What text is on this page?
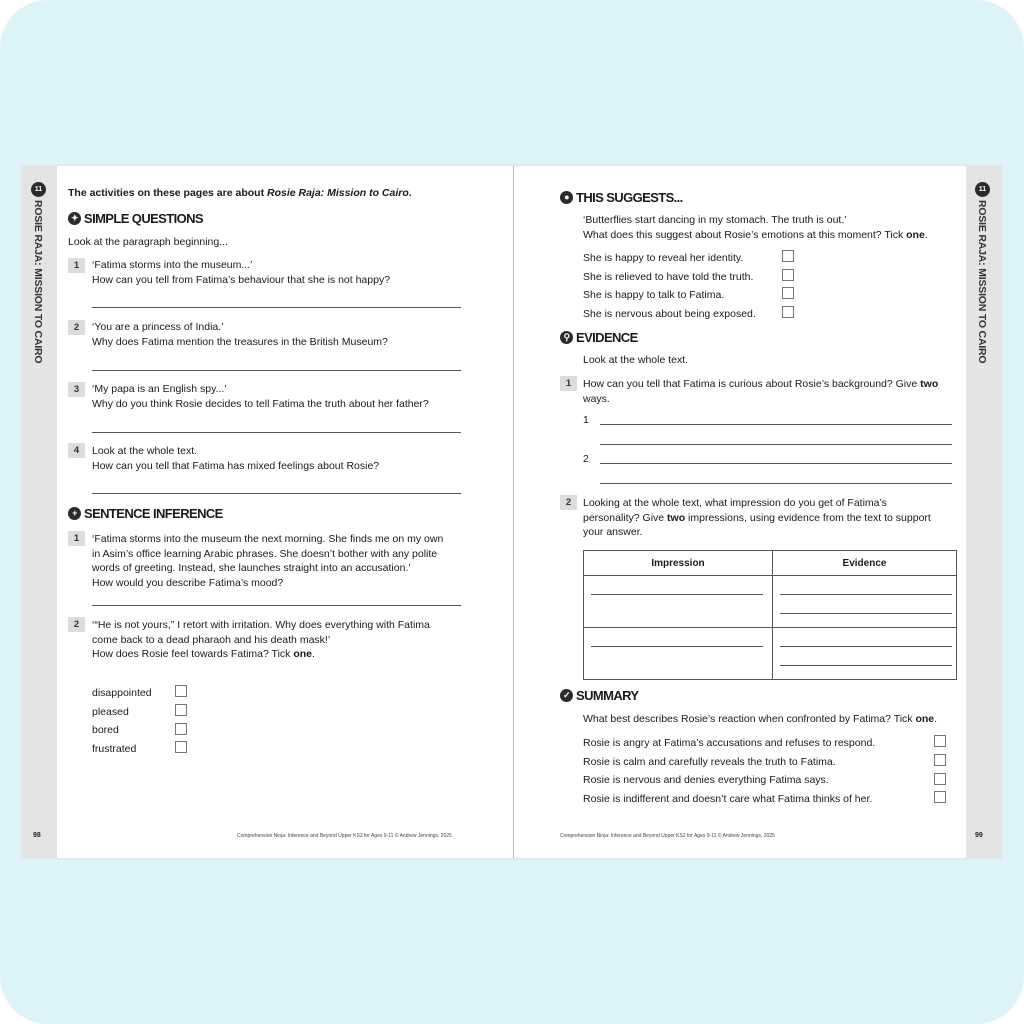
11
ROSIE RAJA: MISSION TO CAIRO
98
11
ROSIE RAJA: MISSION TO CAIRO
99
Comprehension Ninja: Inference and Beyond Upper KS2 for Ages 9-11 © Andrew Jennings, 2025	Comprehension Ninja: Inference and Beyond Upper KS2 for Ages 9-11 © Andrew Jennings, 2025
The activities on these pages are about Rosie Raja: Mission to Cairo.
✦ SIMPLE QUESTIONS
Look at the paragraph beginning...
1	‘Fatima storms into the museum...’
How can you tell from Fatima’s behaviour that she is not happy?
2	‘You are a princess of India.’
Why does Fatima mention the treasures in the British Museum?
3	‘My papa is an English spy...’
Why do you think Rosie decides to tell Fatima the truth about her father?
4	Look at the whole text.
How can you tell that Fatima has mixed feelings about Rosie?
+ SENTENCE INFERENCE
1	‘Fatima storms into the museum the next morning. She finds me on my own
in Asim’s office learning Arabic phrases. She doesn’t bother with any polite
words of greeting. Instead, she launches straight into an accusation.’
How would you describe Fatima’s mood?
2	‘“He is not yours,” I retort with irritation. Why does everything with Fatima
come back to a dead pharaoh and his death mask!’
How does Rosie feel towards Fatima? Tick one.
disappointed
pleased
bored
frustrated
● THIS SUGGESTS...
‘Butterflies start dancing in my stomach. The truth is out.’
What does this suggest about Rosie’s emotions at this moment? Tick one.
She is happy to reveal her identity.
She is relieved to have told the truth.
She is happy to talk to Fatima.
She is nervous about being exposed.
⚲ EVIDENCE
Look at the whole text.
1	How can you tell that Fatima is curious about Rosie’s background? Give two
ways.
1
2
2	Looking at the whole text, what impression do you get of Fatima’s
personality? Give two impressions, using evidence from the text to support
your answer.
Impression	Evidence

✓ SUMMARY
What best describes Rosie’s reaction when confronted by Fatima? Tick one.
Rosie is angry at Fatima’s accusations and refuses to respond.
Rosie is calm and carefully reveals the truth to Fatima.
Rosie is nervous and denies everything Fatima says.
Rosie is indifferent and doesn’t care what Fatima thinks of her.
